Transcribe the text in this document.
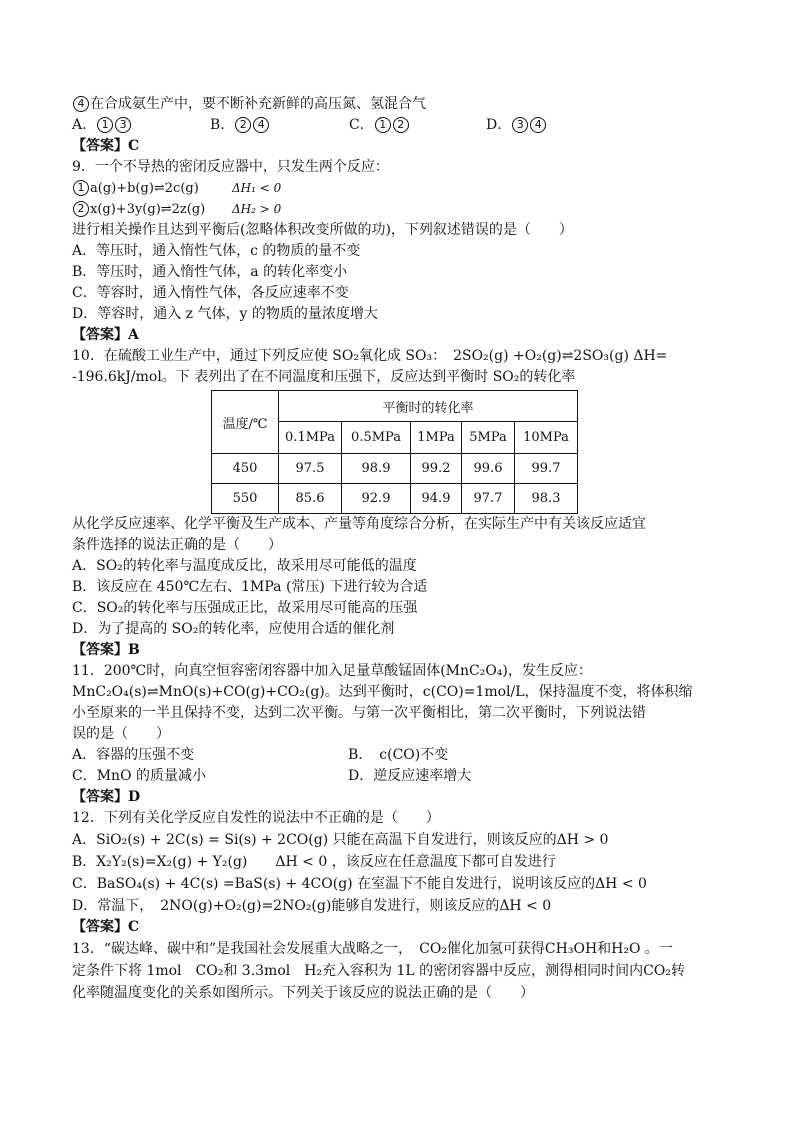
4 在合成氨生产中，要不断补充新鲜的高压氮、氢混合气
A． 1 3	B． 2 4	C． 1 2	D． 3 4
【答案】C
9．一个不导热的密闭反应器中，只发生两个反应：
1 a(g)+b(g)⇌2c(g)	ΔH₁ < 0
2 x(g)+3y(g)⇌2z(g) ΔH₂ > 0
进行相关操作且达到平衡后(忽略体积改变所做的功)，下列叙述错误的是（　　）
A．等压时，通入惰性气体，c 的物质的量不变
B．等压时，通入惰性气体，a 的转化率变小
C．等容时，通入惰性气体，各反应速率不变
D．等容时，通入 z 气体，y 的物质的量浓度增大
【答案】A
10．在硫酸工业生产中，通过下列反应使 SO₂氧化成 SO₃：　2SO₂(g) +O₂(g)⇌2SO₃(g) ΔH=
-196.6kJ/mol。下 表列出了在不同温度和压强下，反应达到平衡时 SO₂的转化率
温度/℃	平衡时的转化率				
	0.1MPa	0.5MPa	1MPa	5MPa	10MPa
450	97.5	98.9	99.2	99.6	99.7
550	85.6	92.9	94.9	97.7	98.3
从化学反应速率、化学平衡及生产成本、产量等角度综合分析，在实际生产中有关该反应适宜
条件选择的说法正确的是（　　）
A．SO₂的转化率与温度成反比，故采用尽可能低的温度
B．该反应在 450℃左右、1MPa (常压) 下进行较为合适
C．SO₂的转化率与压强成正比，故采用尽可能高的压强
D．为了提高的 SO₂的转化率，应使用合适的催化剂
【答案】B
11．200℃时，向真空恒容密闭容器中加入足量草酸锰固体(MnC₂O₄)，发生反应：
MnC₂O₄(s)⇌MnO(s)+CO(g)+CO₂(g)。达到平衡时，c(CO)=1mol/L，保持温度不变，将体积缩
小至原来的一半且保持不变，达到二次平衡。与第一次平衡相比，第二次平衡时，下列说法错
误的是（　　）
A．容器的压强不变	B．　c(CO)不变
C．MnO 的质量减小	D．逆反应速率增大
【答案】D
12．下列有关化学反应自发性的说法中不正确的是（　　）
A．SiO₂(s) + 2C(s) = Si(s) + 2CO(g) 只能在高温下自发进行，则该反应的ΔH > 0
B．X₂Y₂(s)=X₂(g) + Y₂(g)　　ΔH < 0 ，该反应在任意温度下都可自发进行
C．BaSO₄(s) + 4C(s) =BaS(s) + 4CO(g) 在室温下不能自发进行，说明该反应的ΔH < 0
D．常温下，　2NO(g)+O₂(g)=2NO₂(g)能够自发进行，则该反应的ΔH < 0
【答案】C
13．“碳达峰、碳中和”是我国社会发展重大战略之一，　CO₂催化加氢可获得CH₃OH和H₂O 。一
定条件下将 1mol　CO₂和 3.3mol　H₂充入容积为 1L 的密闭容器中反应，测得相同时间内CO₂转
化率随温度变化的关系如图所示。下列关于该反应的说法正确的是（　　）
